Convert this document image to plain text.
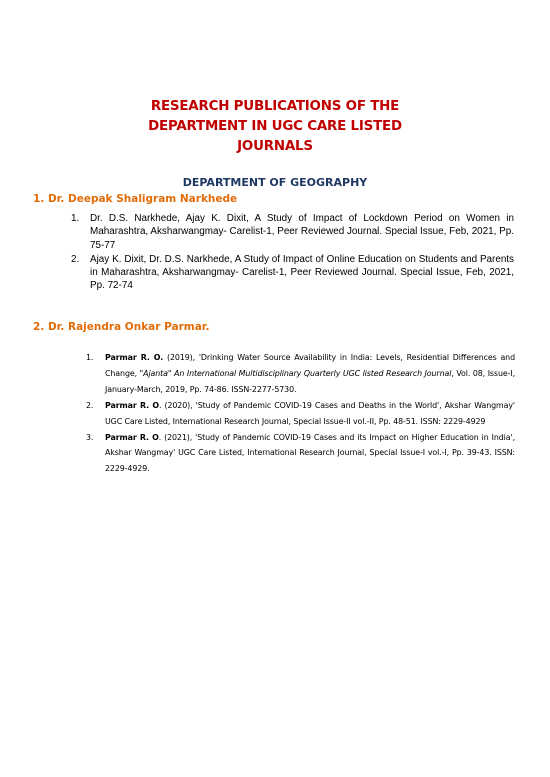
RESEARCH PUBLICATIONS OF THE
DEPARTMENT IN UGC CARE LISTED
JOURNALS
DEPARTMENT OF GEOGRAPHY
1. Dr. Deepak Shaligram Narkhede
1. Dr. D.S. Narkhede, Ajay K. Dixit, A Study of Impact of Lockdown Period on Women in Maharashtra, Aksharwangmay- Carelist-1, Peer Reviewed Journal. Special Issue, Feb, 2021, Pp. 75-77
2. Ajay K. Dixit, Dr. D.S. Narkhede, A Study of Impact of Online Education on Students and Parents in Maharashtra, Aksharwangmay- Carelist-1, Peer Reviewed Journal. Special Issue, Feb, 2021, Pp. 72-74
2. Dr. Rajendra Onkar Parmar.
1. Parmar R. O. (2019), 'Drinking Water Source Availability in India: Levels, Residential Differences and Change, "Ajanta" An International Multidisciplinary Quarterly UGC listed Research Journal, Vol. 08, Issue-I, January-March, 2019, Pp. 74-86. ISSN-2277-5730.
2. Parmar R. O. (2020), 'Study of Pandemic COVID-19 Cases and Deaths in the World', Akshar Wangmay' UGC Care Listed, International Research Journal, Special Issue-II vol.-II, Pp. 48-51. ISSN: 2229-4929
3. Parmar R. O. (2021), 'Study of Pandemic COVID-19 Cases and its Impact on Higher Education in India', Akshar Wangmay' UGC Care Listed, International Research Journal, Special Issue-I vol.-I, Pp. 39-43. ISSN: 2229-4929.
